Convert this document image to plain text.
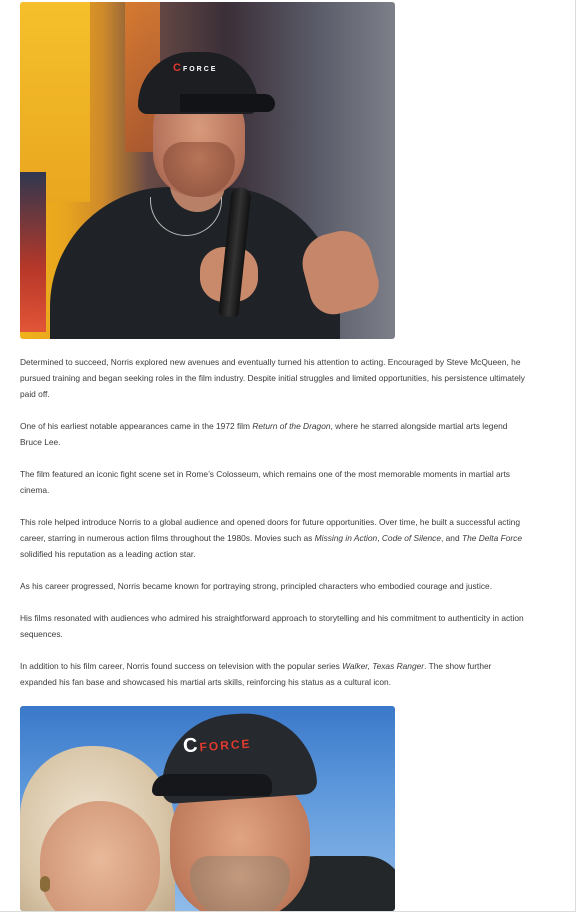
CFORCE

Determined to succeed, Norris explored new avenues and eventually turned his attention to acting. Encouraged by Steve McQueen, he pursued training and began seeking roles in the film industry. Despite initial struggles and limited opportunities, his persistence ultimately paid off.

One of his earliest notable appearances came in the 1972 film Return of the Dragon, where he starred alongside martial arts legend Bruce Lee.

The film featured an iconic fight scene set in Rome’s Colosseum, which remains one of the most memorable moments in martial arts cinema.

This role helped introduce Norris to a global audience and opened doors for future opportunities. Over time, he built a successful acting career, starring in numerous action films throughout the 1980s. Movies such as Missing in Action, Code of Silence, and The Delta Force solidified his reputation as a leading action star.

As his career progressed, Norris became known for portraying strong, principled characters who embodied courage and justice.

His films resonated with audiences who admired his straightforward approach to storytelling and his commitment to authenticity in action sequences.

In addition to his film career, Norris found success on television with the popular series Walker, Texas Ranger. The show further expanded his fan base and showcased his martial arts skills, reinforcing his status as a cultural icon.

CFORCE
